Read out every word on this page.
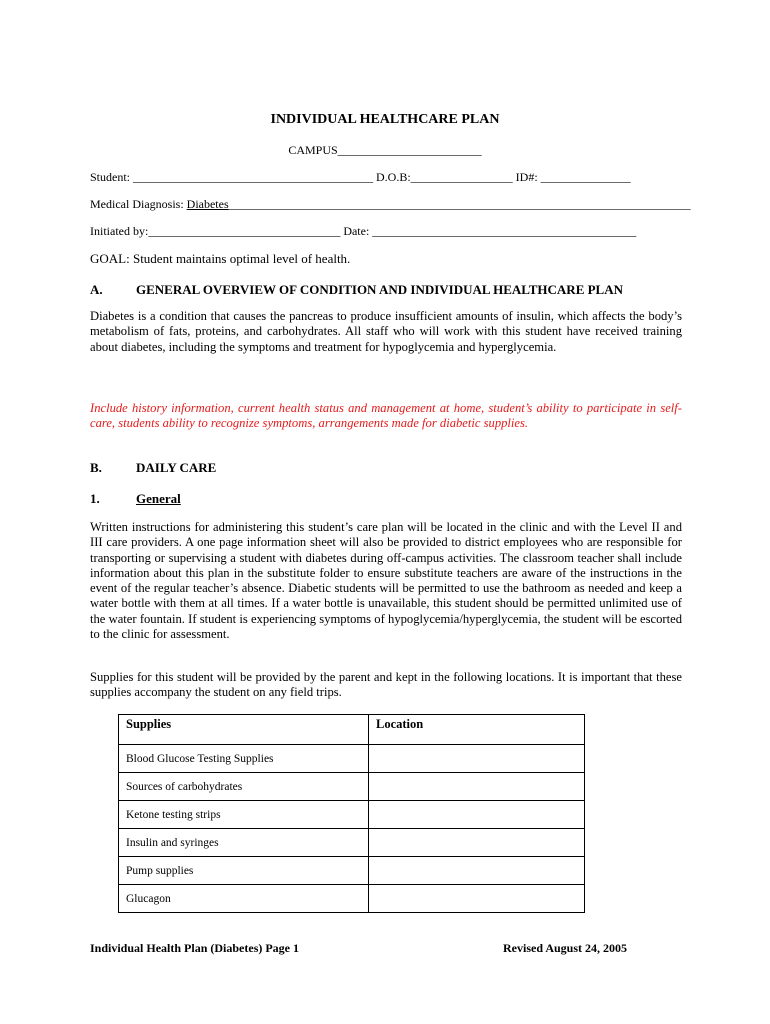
INDIVIDUAL HEALTHCARE PLAN
CAMPUS________________________
Student: ________________________________________ D.O.B:_________________ ID#: _______________
Medical Diagnosis: Diabetes_____________________________________________________________________________
Initiated by:________________________________ Date: ____________________________________________
GOAL: Student maintains optimal level of health.
A.	GENERAL OVERVIEW OF CONDITION AND INDIVIDUAL HEALTHCARE PLAN
Diabetes is a condition that causes the pancreas to produce insufficient amounts of insulin, which affects the body’s metabolism of fats, proteins, and carbohydrates. All staff who will work with this student have received training about diabetes, including the symptoms and treatment for hypoglycemia and hyperglycemia.
Include history information, current health status and management at home, student’s ability to participate in self-care, students ability to recognize symptoms, arrangements made for diabetic supplies.
B.	DAILY CARE
1.	General
Written instructions for administering this student’s care plan will be located in the clinic and with the Level II and III care providers. A one page information sheet will also be provided to district employees who are responsible for transporting or supervising a student with diabetes during off-campus activities. The classroom teacher shall include information about this plan in the substitute folder to ensure substitute teachers are aware of the instructions in the event of the regular teacher’s absence. Diabetic students will be permitted to use the bathroom as needed and keep a water bottle with them at all times. If a water bottle is unavailable, this student should be permitted unlimited use of the water fountain. If student is experiencing symptoms of hypoglycemia/hyperglycemia, the student will be escorted to the clinic for assessment.
Supplies for this student will be provided by the parent and kept in the following locations. It is important that these supplies accompany the student on any field trips.
Supplies	Location
Blood Glucose Testing Supplies	
Sources of carbohydrates	
Ketone testing strips	
Insulin and syringes	
Pump supplies	
Glucagon	
Individual Health Plan (Diabetes) Page 1	Revised August 24, 2005
